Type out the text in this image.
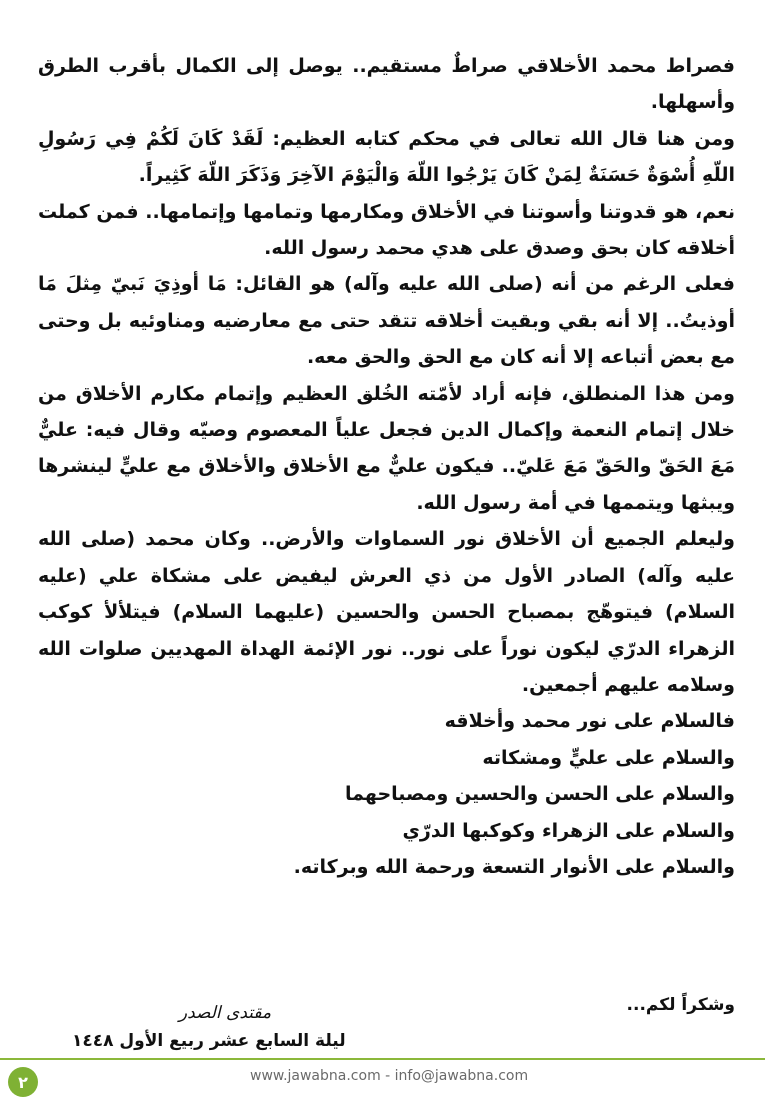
فصراط محمد الأخلاقي صراطٌ مستقيم.. يوصل إلى الكمال بأقرب الطرق وأسهلها.

ومن هنا قال الله تعالى في محكم كتابه العظيم: لَقَدْ كَانَ لَكُمْ فِي رَسُولِ اللّهِ أُسْوَةٌ حَسَنَةٌ لِمَنْ كَانَ يَرْجُوا اللّهَ وَالْيَوْمَ الآخِرَ وَذَكَرَ اللّهَ كَثِيراً.

نعم، هو قدوتنا وأسوتنا في الأخلاق ومكارمها وتمامها وإتمامها.. فمن كملت أخلاقه كان بحق وصدق على هدي محمد رسول الله.

فعلى الرغم من أنه (صلى الله عليه وآله) هو القائل: مَا أوذِيَ نَبيّ مِثلَ مَا أوذيتُ.. إلا أنه بقي وبقيت أخلاقه تتقد حتى مع معارضيه ومناوئيه بل وحتى مع بعض أتباعه إلا أنه كان مع الحق والحق معه.

ومن هذا المنطلق، فإنه أراد لأمّته الخُلق العظيم وإتمام مكارم الأخلاق من خلال إتمام النعمة وإكمال الدين فجعل علياً المعصوم وصيّه وقال فيه: عليٌّ مَعَ الحَقّ والحَقّ مَعَ عَليّ.. فيكون عليٌّ مع الأخلاق والأخلاق مع عليٍّ لينشرها ويبثها ويتممها في أمة رسول الله.

وليعلم الجميع أن الأخلاق نور السماوات والأرض.. وكان محمد (صلى الله عليه وآله) الصادر الأول من ذي العرش ليفيض على مشكاة علي (عليه السلام) فيتوهّج بمصباح الحسن والحسين (عليهما السلام) فيتلألأ كوكب الزهراء الدرّي ليكون نوراً على نور.. نور الإئمة الهداة المهديين صلوات الله وسلامه عليهم أجمعين.

فالسلام على نور محمد وأخلاقه

والسلام على عليٍّ ومشكاته

والسلام على الحسن والحسين ومصباحهما

والسلام على الزهراء وكوكبها الدرّي

والسلام على الأنوار التسعة ورحمة الله وبركاته.

وشكراً لكم...
مقتدى الصدر
ليلة السابع عشر ربيع الأول ١٤٤٨
www.jawabna.com - info@jawabna.com
٢
